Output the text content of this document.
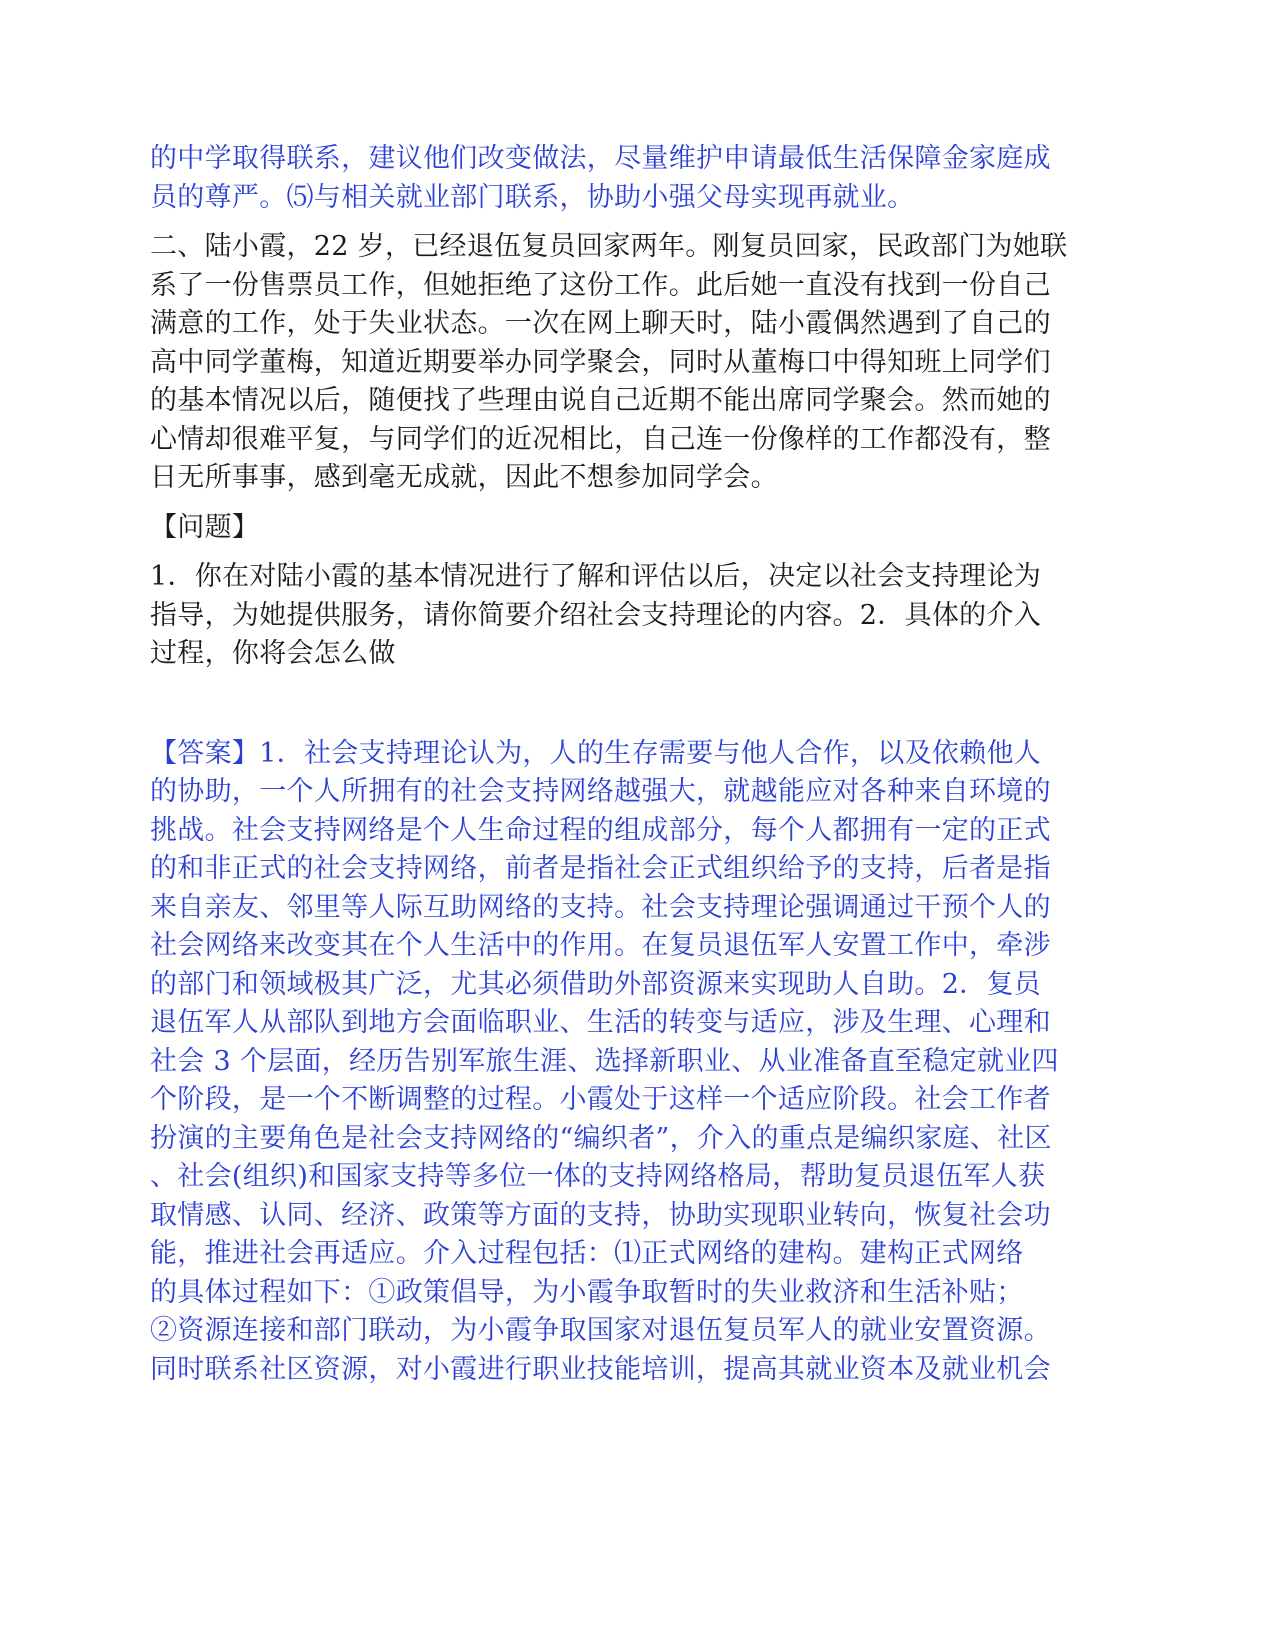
的中学取得联系，建议他们改变做法，尽量维护申请最低生活保障金家庭成
员的尊严。⑸与相关就业部门联系，协助小强父母实现再就业。
二、陆小霞，22 岁，已经退伍复员回家两年。刚复员回家，民政部门为她联
系了一份售票员工作，但她拒绝了这份工作。此后她一直没有找到一份自己
满意的工作，处于失业状态。一次在网上聊天时，陆小霞偶然遇到了自己的
高中同学董梅，知道近期要举办同学聚会，同时从董梅口中得知班上同学们
的基本情况以后，随便找了些理由说自己近期不能出席同学聚会。然而她的
心情却很难平复，与同学们的近况相比，自己连一份像样的工作都没有，整
日无所事事，感到毫无成就，因此不想参加同学会。
【问题】
1．你在对陆小霞的基本情况进行了解和评估以后，决定以社会支持理论为
指导，为她提供服务，请你简要介绍社会支持理论的内容。2．具体的介入
过程，你将会怎么做
【答案】1．社会支持理论认为，人的生存需要与他人合作，以及依赖他人
的协助，一个人所拥有的社会支持网络越强大，就越能应对各种来自环境的
挑战。社会支持网络是个人生命过程的组成部分，每个人都拥有一定的正式
的和非正式的社会支持网络，前者是指社会正式组织给予的支持，后者是指
来自亲友、邻里等人际互助网络的支持。社会支持理论强调通过干预个人的
社会网络来改变其在个人生活中的作用。在复员退伍军人安置工作中，牵涉
的部门和领域极其广泛，尤其必须借助外部资源来实现助人自助。2．复员
退伍军人从部队到地方会面临职业、生活的转变与适应，涉及生理、心理和
社会 3 个层面，经历告别军旅生涯、选择新职业、从业准备直至稳定就业四
个阶段，是一个不断调整的过程。小霞处于这样一个适应阶段。社会工作者
扮演的主要角色是社会支持网络的“编织者”，介入的重点是编织家庭、社区
、社会(组织)和国家支持等多位一体的支持网络格局，帮助复员退伍军人获
取情感、认同、经济、政策等方面的支持，协助实现职业转向，恢复社会功
能，推进社会再适应。介入过程包括：⑴正式网络的建构。建构正式网络
的具体过程如下：①政策倡导，为小霞争取暂时的失业救济和生活补贴；
②资源连接和部门联动，为小霞争取国家对退伍复员军人的就业安置资源。
同时联系社区资源，对小霞进行职业技能培训，提高其就业资本及就业机会
